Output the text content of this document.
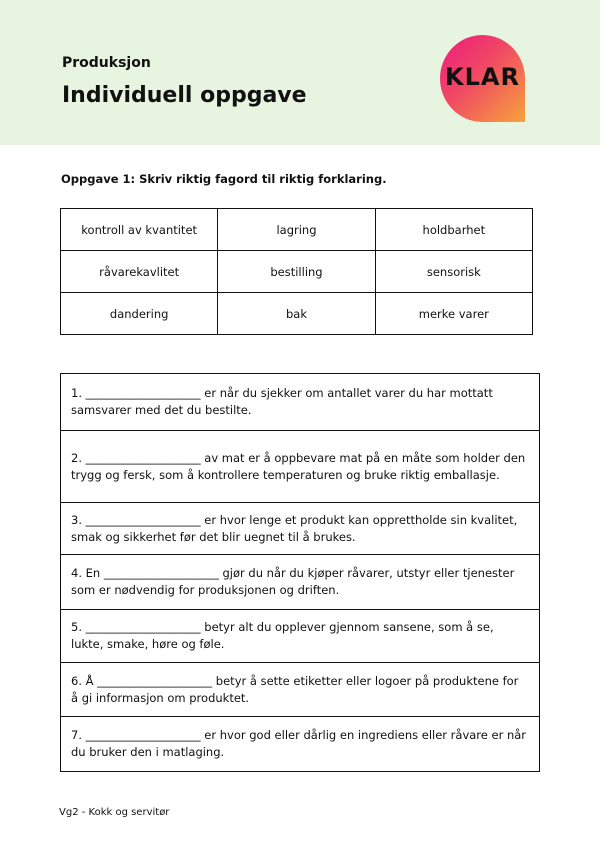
Produksjon
Individuell oppgave
KLAR
Oppgave 1: Skriv riktig fagord til riktig forklaring.
kontroll av kvantitet	lagring	holdbarhet
råvarekavlitet	bestilling	sensorisk
dandering	bak	merke varer
1. ____________________ er når du sjekker om antallet varer du har mottatt samsvarer med det du bestilte.
2. ____________________ av mat er å oppbevare mat på en måte som holder den trygg og fersk, som å kontrollere temperaturen og bruke riktig emballasje.
3. ____________________ er hvor lenge et produkt kan opprettholde sin kvalitet, smak og sikkerhet før det blir uegnet til å brukes.
4. En ____________________ gjør du når du kjøper råvarer, utstyr eller tjenester som er nødvendig for produksjonen og driften.
5. ____________________ betyr alt du opplever gjennom sansene, som å se, lukte, smake, høre og føle.
6. Å ____________________ betyr å sette etiketter eller logoer på produktene for å gi informasjon om produktet.
7. ____________________ er hvor god eller dårlig en ingrediens eller råvare er når du bruker den i matlaging.
Vg2 - Kokk og servitør
